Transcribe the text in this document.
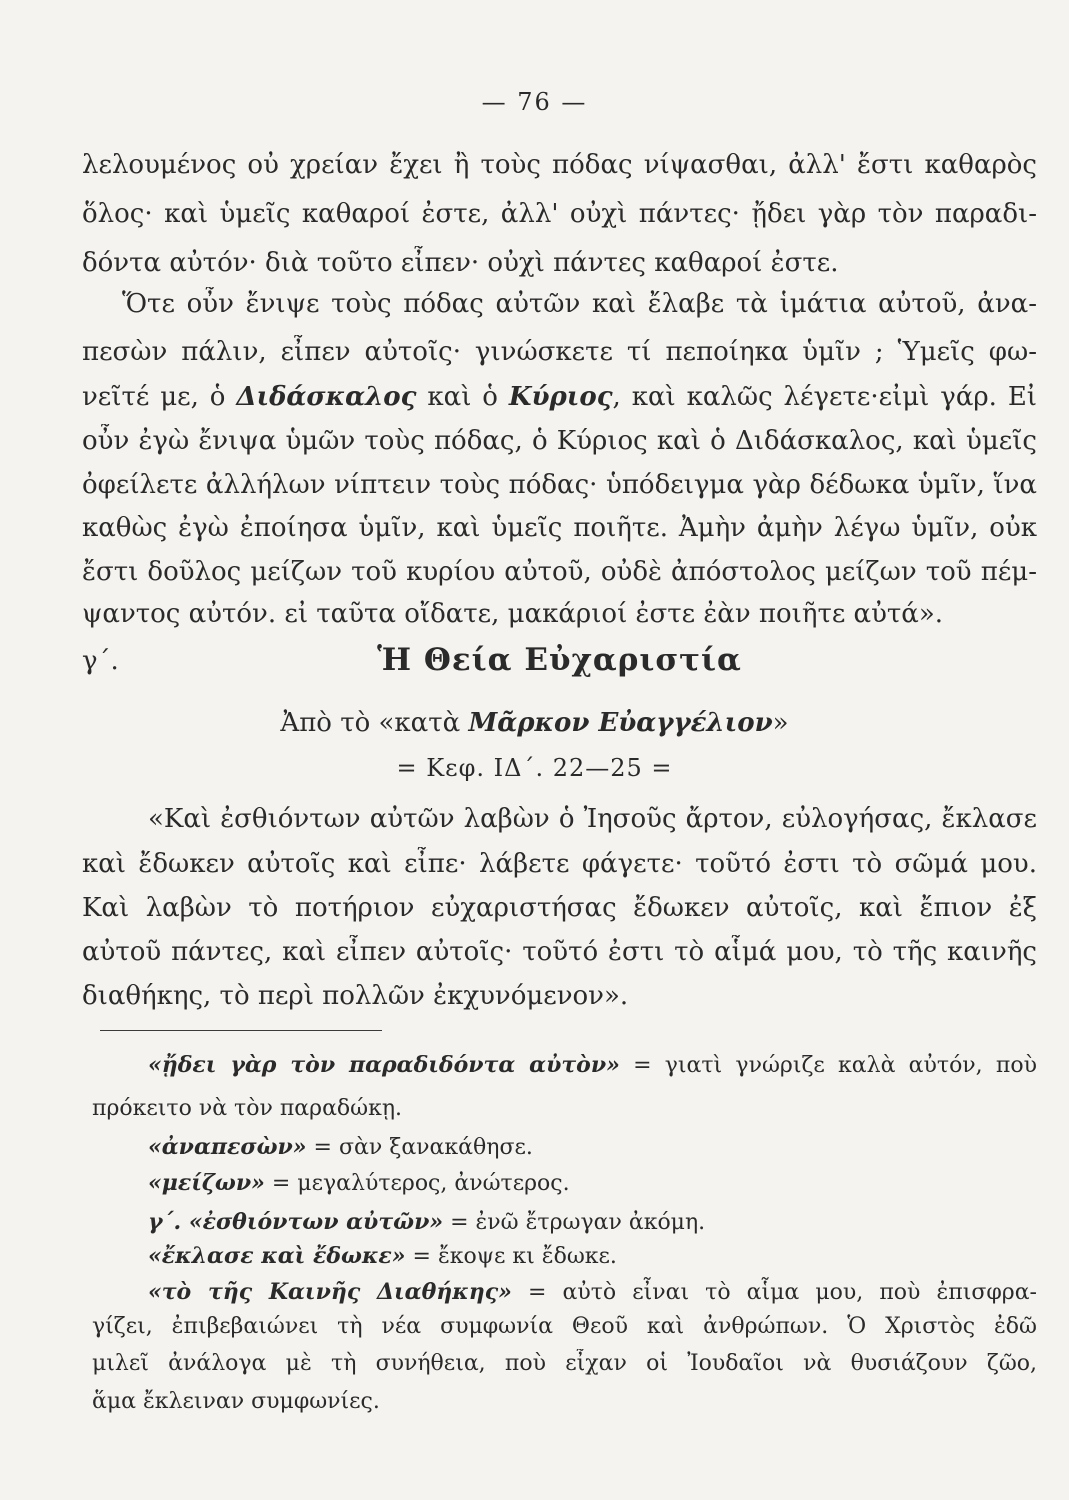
— 76 —
λελουμένος οὐ χρείαν ἔχει ἢ τοὺς πόδας νίψασθαι, ἀλλ' ἔστι καθαρὸς
ὅλος· καὶ ὑμεῖς καθαροί ἐστε, ἀλλ' οὐχὶ πάντες· ᾔδει γὰρ τὸν παραδι-
δόντα αὐτόν· διὰ τοῦτο εἶπεν· οὐχὶ πάντες καθαροί ἐστε.
Ὅτε οὖν ἔνιψε τοὺς πόδας αὐτῶν καὶ ἔλαβε τὰ ἱμάτια αὐτοῦ, ἀνα-
πεσὼν πάλιν, εἶπεν αὐτοῖς· γινώσκετε τί πεποίηκα ὑμῖν ; Ὑμεῖς φω-
νεῖτέ με, ὁ Διδάσκαλος καὶ ὁ Κύριος, καὶ καλῶς λέγετε·εἰμὶ γάρ. Εἰ
οὖν ἐγὼ ἔνιψα ὑμῶν τοὺς πόδας, ὁ Κύριος καὶ ὁ Διδάσκαλος, καὶ ὑμεῖς
ὀφείλετε ἀλλήλων νίπτειν τοὺς πόδας· ὑπόδειγμα γὰρ δέδωκα ὑμῖν, ἵνα
καθὼς ἐγὼ ἐποίησα ὑμῖν, καὶ ὑμεῖς ποιῆτε. Ἀμὴν ἀμὴν λέγω ὑμῖν, οὐκ
ἔστι δοῦλος μείζων τοῦ κυρίου αὐτοῦ, οὐδὲ ἀπόστολος μείζων τοῦ πέμ-
ψαντος αὐτόν. εἰ ταῦτα οἴδατε, μακάριοί ἐστε ἐὰν ποιῆτε αὐτά».
γ΄.	Ἡ Θεία Εὐχαριστία
Ἀπὸ τὸ «κατὰ Μᾶρκον Εὐαγγέλιον»
= Κεφ. ΙΔ΄. 22—25 =
«Καὶ ἐσθιόντων αὐτῶν λαβὼν ὁ Ἰησοῦς ἄρτον, εὐλογήσας, ἔκλασε
καὶ ἔδωκεν αὐτοῖς καὶ εἶπε· λάβετε φάγετε· τοῦτό ἐστι τὸ σῶμά μου.
Καὶ λαβὼν τὸ ποτήριον εὐχαριστήσας ἔδωκεν αὐτοῖς, καὶ ἔπιον ἐξ
αὐτοῦ πάντες, καὶ εἶπεν αὐτοῖς· τοῦτό ἐστι τὸ αἷμά μου, τὸ τῆς καινῆς
διαθήκης, τὸ περὶ πολλῶν ἐκχυνόμενον».
«ᾔδει γὰρ τὸν παραδιδόντα αὐτὸν» = γιατὶ γνώριζε καλὰ αὐτόν, ποὺ
πρόκειτο νὰ τὸν παραδώκῃ.
«ἀναπεσὼν» = σὰν ξανακάθησε.
«μείζων» = μεγαλύτερος, ἀνώτερος.
γ΄. «ἐσθιόντων αὐτῶν» = ἐνῶ ἔτρωγαν ἀκόμη.
«ἔκλασε καὶ ἔδωκε» = ἔκοψε κι ἔδωκε.
«τὸ τῆς Καινῆς Διαθήκης» = αὐτὸ εἶναι τὸ αἷμα μου, ποὺ ἐπισφρα-
γίζει, ἐπιβεβαιώνει τὴ νέα συμφωνία Θεοῦ καὶ ἀνθρώπων. Ὁ Χριστὸς ἐδῶ
μιλεῖ ἀνάλογα μὲ τὴ συνήθεια, ποὺ εἶχαν οἱ Ἰουδαῖοι νὰ θυσιάζουν ζῶο,
ἅμα ἔκλειναν συμφωνίες.
